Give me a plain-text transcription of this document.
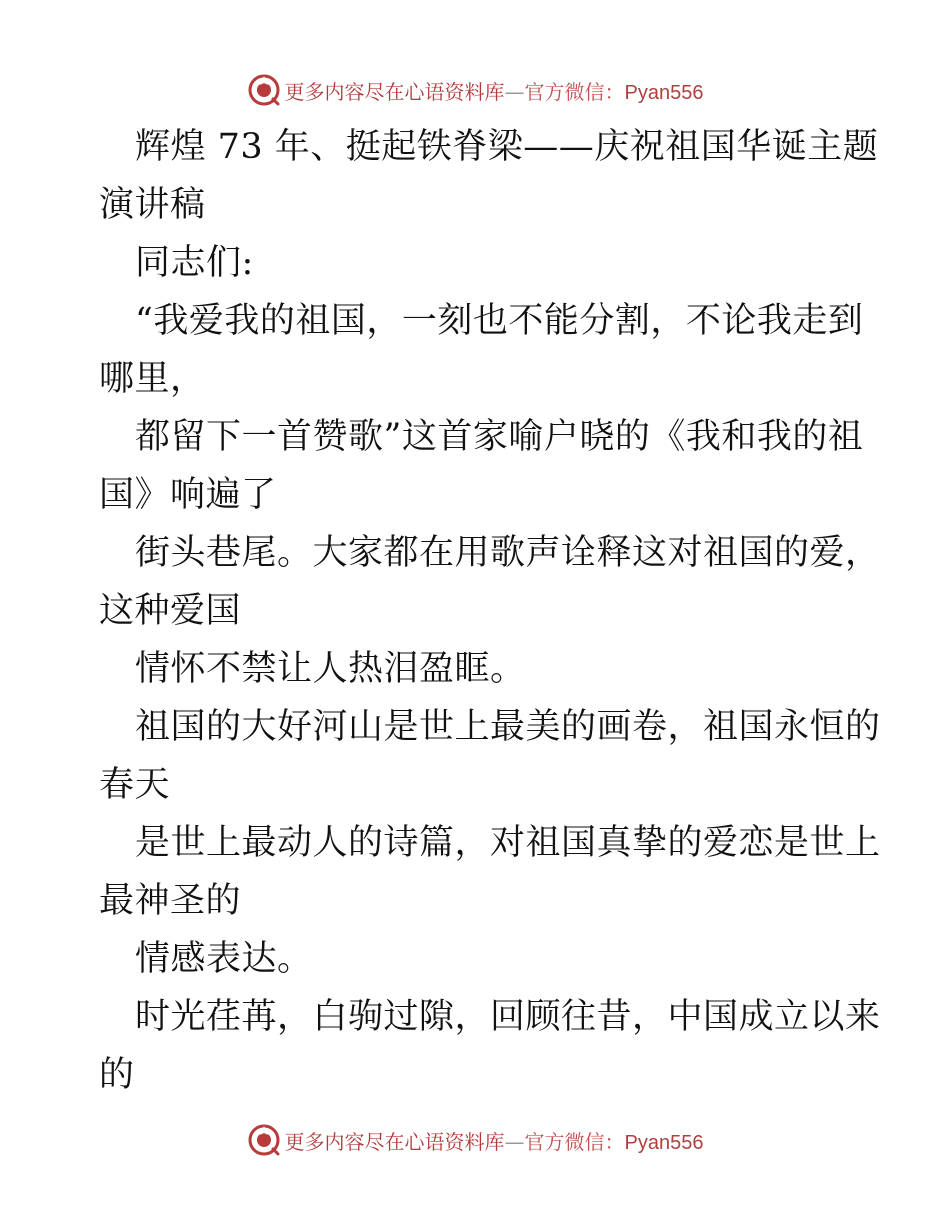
更多内容尽在心语资料库—官方微信：Pyan556
辉煌 73 年、挺起铁脊梁——庆祝祖国华诞主题
演讲稿
同志们:
“我爱我的祖国，一刻也不能分割，不论我走到
哪里，
都留下一首赞歌”这首家喻户晓的《我和我的祖
国》响遍了
街头巷尾。大家都在用歌声诠释这对祖国的爱，
这种爱国
情怀不禁让人热泪盈眶。
祖国的大好河山是世上最美的画卷，祖国永恒的
春天
是世上最动人的诗篇，对祖国真挚的爱恋是世上
最神圣的
情感表达。
时光荏苒，白驹过隙，回顾往昔，中国成立以来
的
更多内容尽在心语资料库—官方微信：Pyan556
